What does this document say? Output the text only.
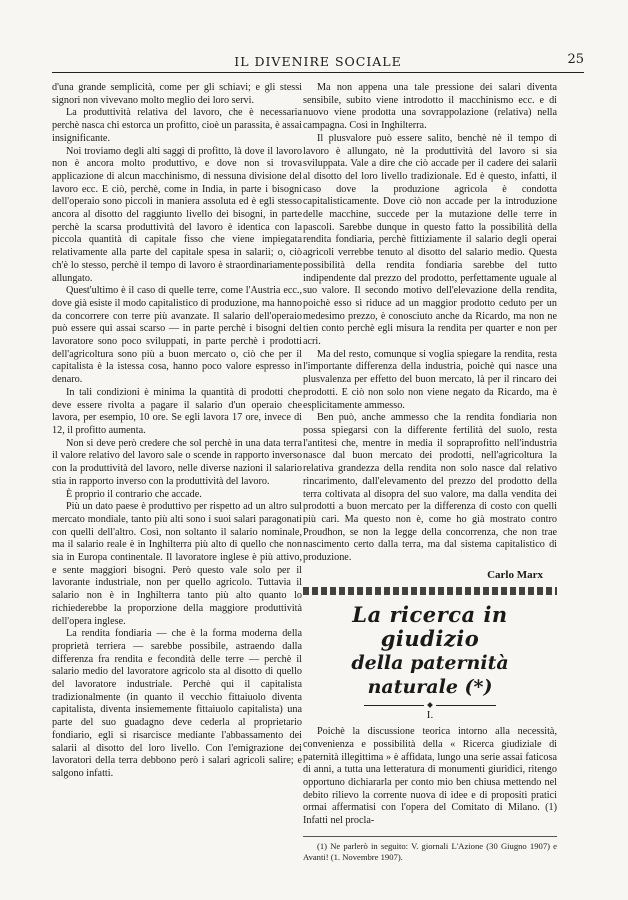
IL DIVENIRE SOCIALE	25

d'una grande semplicità, come per gli schiavi; e gli stessi signori non vivevano molto meglio dei loro servi.

La produttività relativa del lavoro, che è necessaria perchè nasca chi estorca un profitto, cioè un parassita, è assai insignificante.

Noi troviamo degli alti saggi di profitto, là dove il lavoro non è ancora molto produttivo, e dove non si trova applicazione di alcun macchinismo, di nessuna divisione del lavoro ecc. E ciò, perchè, come in India, in parte i bisogni dell'operaio sono piccoli in maniera assoluta ed è egli stesso ancora al disotto del raggiunto livello dei bisogni, in parte perchè la scarsa produttività del lavoro è identica con la piccola quantità di capitale fisso che viene impiegata relativamente alla parte del capitale spesa in salarii; o, ciò ch'è lo stesso, perchè il tempo di lavoro è straordinariamente allungato.

Quest'ultimo è il caso di quelle terre, come l'Austria ecc., dove già esiste il modo capitalistico di produzione, ma hanno da concorrere con terre più avanzate. Il salario dell'operaio può essere qui assai scarso — in parte perchè i bisogni del lavoratore sono poco sviluppati, in parte perchè i prodotti dell'agricoltura sono più a buon mercato o, ciò che per il capitalista è la istessa cosa, hanno poco valore espresso in denaro.

In tali condizioni è minima la quantità di prodotti che deve essere rivolta a pagare il salario d'un operaio che lavora, per esempio, 10 ore. Se egli lavora 17 ore, invece di 12, il profitto aumenta.

Non si deve però credere che sol perchè in una data terra il valore relativo del lavoro sale o scende in rapporto inverso con la produttività del lavoro, nelle diverse nazioni il salario stia in rapporto inverso con la produttività del lavoro.

È proprio il contrario che accade.

Più un dato paese è produttivo per rispetto ad un altro sul mercato mondiale, tanto più alti sono i suoi salari paragonati con quelli dell'altro. Così, non soltanto il salario nominale, ma il salario reale è in Inghilterra più alto di quello che non sia in Europa continentale. Il lavoratore inglese è più attivo, e sente maggiori bisogni. Però questo vale solo per il lavorante industriale, non per quello agricolo. Tuttavia il salario non è in Inghilterra tanto più alto quanto lo richiederebbe la proporzione della maggiore produttività dell'opera inglese.

La rendita fondiaria — che è la forma moderna della proprietà terriera — sarebbe possibile, astraendo dalla differenza fra rendita e fecondità delle terre — perchè il salario medio del lavoratore agricolo sta al disotto di quello del lavoratore industriale. Perchè qui il capitalista tradizionalmente (in quanto il vecchio fittaiuolo diventa capitalista, diventa insiememente fittaiuolo capitalista) una parte del suo guadagno deve cederla al proprietario fondiario, egli si risarcisce mediante l'abbassamento dei salarii al disotto del loro livello. Con l'emigrazione dei lavoratori della terra debbono però i salari agricoli salire; e salgono infatti.

Ma non appena una tale pressione dei salari diventa sensibile, subito viene introdotto il macchinismo ecc. e di nuovo viene prodotta una sovrappolazione (relativa) nella campagna. Così in Inghilterra.

Il plusvalore può essere salito, benchè nè il tempo di lavoro è allungato, nè la produttività del lavoro si sia sviluppata. Vale a dire che ciò accade per il cadere dei salarii al disotto del loro livello tradizionale. Ed è questo, infatti, il caso dove la produzione agricola è condotta capitalisticamente. Dove ciò non accade per la introduzione delle macchine, succede per la mutazione delle terre in pascoli. Sarebbe dunque in questo fatto la possibilità della rendita fondiaria, perchè fittiziamente il salario degli operai agricoli verrebbe tenuto al disotto del salario medio. Questa possibilità della rendita fondiaria sarebbe del tutto indipendente dal prezzo del prodotto, perfettamente uguale al suo valore. Il secondo motivo dell'elevazione della rendita, poichè esso si riduce ad un maggior prodotto ceduto per un medesimo prezzo, è conosciuto anche da Ricardo, ma non ne tien conto perchè egli misura la rendita per quarter e non per acri.

Ma del resto, comunque si voglia spiegare la rendita, resta l'importante differenza della industria, poichè qui nasce una plusvalenza per effetto del buon mercato, là per il rincaro dei prodotti. E ciò non solo non viene negato da Ricardo, ma è esplicitamente ammesso.

Ben può, anche ammesso che la rendita fondiaria non possa spiegarsi con la differente fertilità del suolo, resta l'antitesi che, mentre in media il sopraprofitto nell'industria nasce dal buon mercato dei prodotti, nell'agricoltura la relativa grandezza della rendita non solo nasce dal relativo rincarimento, dall'elevamento del prezzo del prodotto della terra coltivata al disopra del suo valore, ma dalla vendita dei prodotti a buon mercato per la differenza di costo con quelli più cari. Ma questo non è, come ho già mostrato contro Proudhon, se non la legge della concorrenza, che non trae nascimento certo dalla terra, ma dal sistema capitalistico di produzione.

Carlo Marx
La ricerca in giudizio
della paternità naturale (*)
I.

Poichè la discussione teorica intorno alla necessità, convenienza e possibilità della « Ricerca giudiziale di paternità illegittima » è affidata, lungo una serie assai faticosa di anni, a tutta una letteratura di monumenti giuridici, ritengo opportuno dichiararla per conto mio ben chiusa mettendo nel debito rilievo la corrente nuova di idee e di propositi pratici ormai affermatisi con l'opera del Comitato di Milano. (1) Infatti nel procla-

(1) Ne parlerò in seguito: V. giornali L'Azione (30 Giugno 1907) e Avanti! (1. Novembre 1907).
